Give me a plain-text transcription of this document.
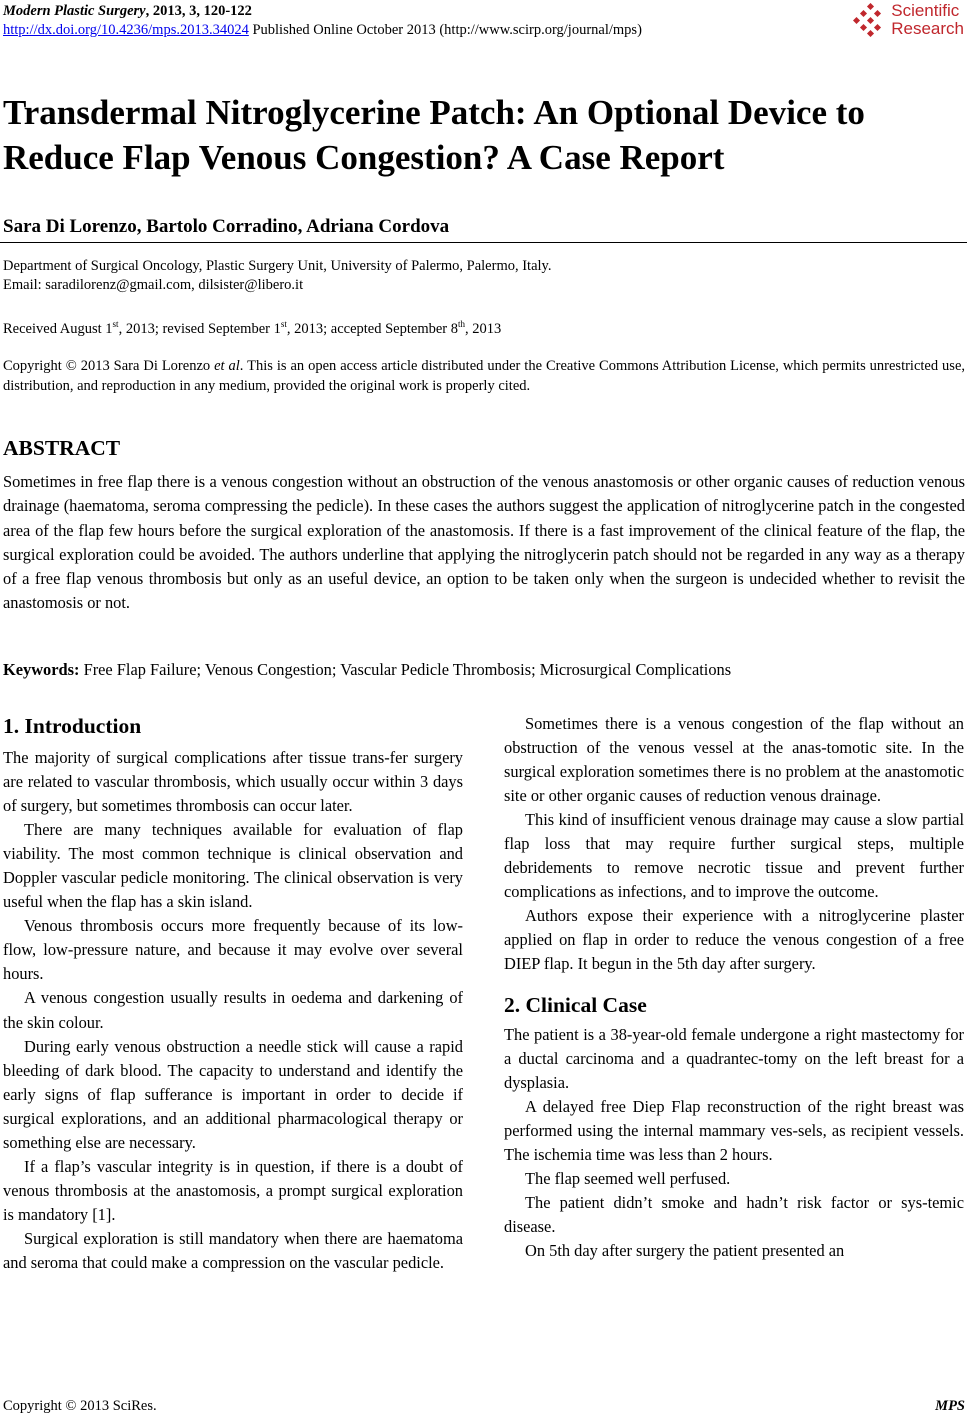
Modern Plastic Surgery, 2013, 3, 120-122
http://dx.doi.org/10.4236/mps.2013.34024 Published Online October 2013 (http://www.scirp.org/journal/mps)
Scientific
Research
Transdermal Nitroglycerine Patch: An Optional Device to
Reduce Flap Venous Congestion? A Case Report
Sara Di Lorenzo, Bartolo Corradino, Adriana Cordova
Department of Surgical Oncology, Plastic Surgery Unit, University of Palermo, Palermo, Italy.
Email: saradilorenz@gmail.com, dilsister@libero.it
Received August 1st, 2013; revised September 1st, 2013; accepted September 8th, 2013
Copyright © 2013 Sara Di Lorenzo et al. This is an open access article distributed under the Creative Commons Attribution License, which permits unrestricted use, distribution, and reproduction in any medium, provided the original work is properly cited.
ABSTRACT

Sometimes in free flap there is a venous congestion without an obstruction of the venous anastomosis or other organic causes of reduction venous drainage (haematoma, seroma compressing the pedicle). In these cases the authors suggest the application of nitroglycerine patch in the congested area of the flap few hours before the surgical exploration of the anastomosis. If there is a fast improvement of the clinical feature of the flap, the surgical exploration could be avoided. The authors underline that applying the nitroglycerin patch should not be regarded in any way as a therapy of a free flap venous thrombosis but only as an useful device, an option to be taken only when the surgeon is undecided whether to revisit the anastomosis or not.

Keywords: Free Flap Failure; Venous Congestion; Vascular Pedicle Thrombosis; Microsurgical Complications

1. Introduction

The majority of surgical complications after tissue trans-fer surgery are related to vascular thrombosis, which usually occur within 3 days of surgery, but sometimes thrombosis can occur later.

There are many techniques available for evaluation of flap viability. The most common technique is clinical observation and Doppler vascular pedicle monitoring. The clinical observation is very useful when the flap has a skin island.

Venous thrombosis occurs more frequently because of its low-flow, low-pressure nature, and because it may evolve over several hours.

A venous congestion usually results in oedema and darkening of the skin colour.

During early venous obstruction a needle stick will cause a rapid bleeding of dark blood. The capacity to understand and identify the early signs of flap sufferance is important in order to decide if surgical explorations, and an additional pharmacological therapy or something else are necessary.

If a flap’s vascular integrity is in question, if there is a doubt of venous thrombosis at the anastomosis, a prompt surgical exploration is mandatory [1].

Surgical exploration is still mandatory when there are haematoma and seroma that could make a compression on the vascular pedicle.

Sometimes there is a venous congestion of the flap without an obstruction of the venous vessel at the anas-tomotic site. In the surgical exploration sometimes there is no problem at the anastomotic site or other organic causes of reduction venous drainage.

This kind of insufficient venous drainage may cause a slow partial flap loss that may require further surgical steps, multiple debridements to remove necrotic tissue and prevent further complications as infections, and to improve the outcome.

Authors expose their experience with a nitroglycerine plaster applied on flap in order to reduce the venous congestion of a free DIEP flap. It begun in the 5th day after surgery.

2. Clinical Case

The patient is a 38-year-old female undergone a right mastectomy for a ductal carcinoma and a quadrantec-tomy on the left breast for a dysplasia.

A delayed free Diep Flap reconstruction of the right breast was performed using the internal mammary ves-sels, as recipient vessels. The ischemia time was less than 2 hours.

The flap seemed well perfused.

The patient didn’t smoke and hadn’t risk factor or sys-temic disease.

On 5th day after surgery the patient presented an

Copyright © 2013 SciRes.	MPS
